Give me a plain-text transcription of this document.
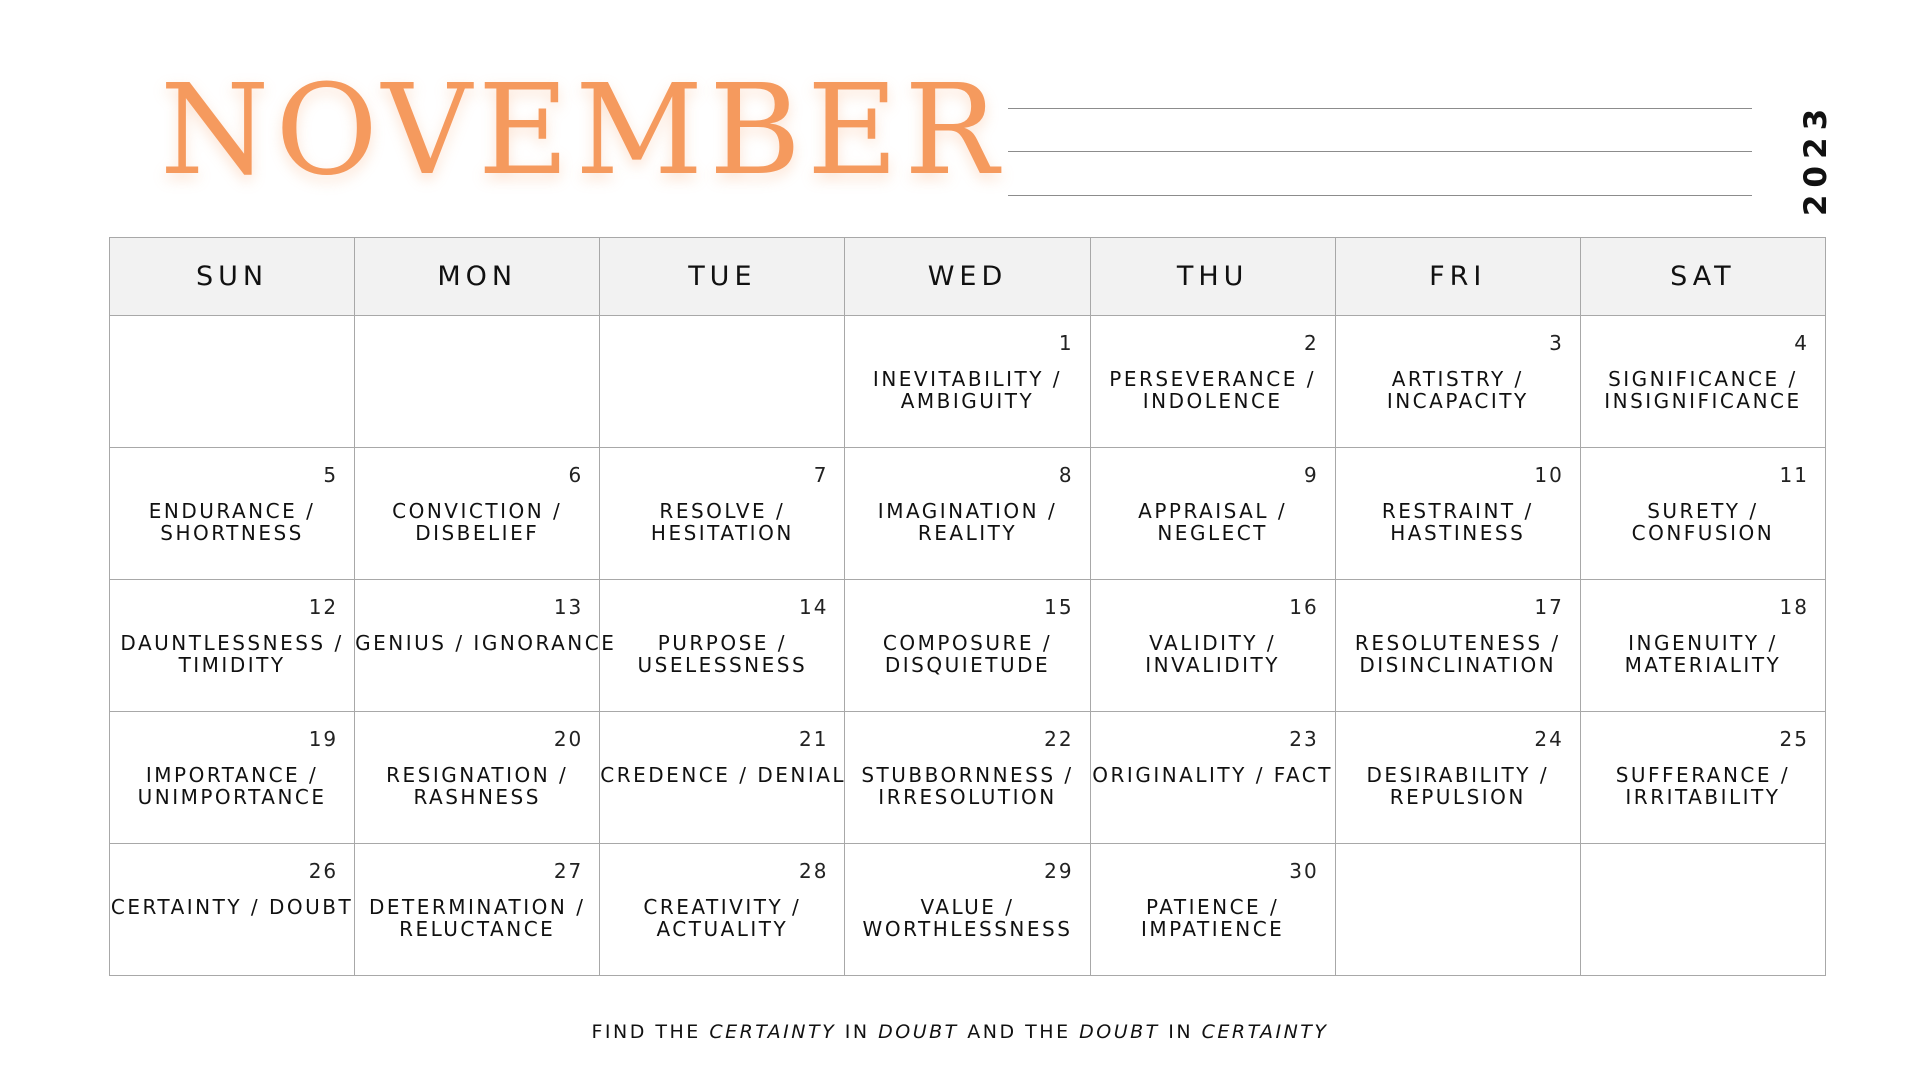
NOVEMBER	2023
SUN	MON	TUE	WED	THU	FRI	SAT

			1
INEVITABILITY /
AMBIGUITY	2
PERSEVERANCE /
INDOLENCE	3
ARTISTRY /
INCAPACITY	4
SIGNIFICANCE /
INSIGNIFICANCE

5
ENDURANCE /
SHORTNESS	6
CONVICTION /
DISBELIEF	7
RESOLVE /
HESITATION	8
IMAGINATION /
REALITY	9
APPRAISAL /
NEGLECT	10
RESTRAINT /
HASTINESS	11
SURETY /
CONFUSION

12
DAUNTLESSNESS /
TIMIDITY	13
GENIUS / IGNORANCE	14
PURPOSE /
USELESSNESS	15
COMPOSURE /
DISQUIETUDE	16
VALIDITY /
INVALIDITY	17
RESOLUTENESS /
DISINCLINATION	18
INGENUITY /
MATERIALITY

19
IMPORTANCE /
UNIMPORTANCE	20
RESIGNATION /
RASHNESS	21
CREDENCE / DENIAL	22
STUBBORNNESS /
IRRESOLUTION	23
ORIGINALITY / FACT	24
DESIRABILITY /
REPULSION	25
SUFFERANCE /
IRRITABILITY

26
CERTAINTY / DOUBT	27
DETERMINATION /
RELUCTANCE	28
CREATIVITY /
ACTUALITY	29
VALUE /
WORTHLESSNESS	30
PATIENCE /
IMPATIENCE		

FIND THE CERTAINTY IN DOUBT AND THE DOUBT IN CERTAINTY
